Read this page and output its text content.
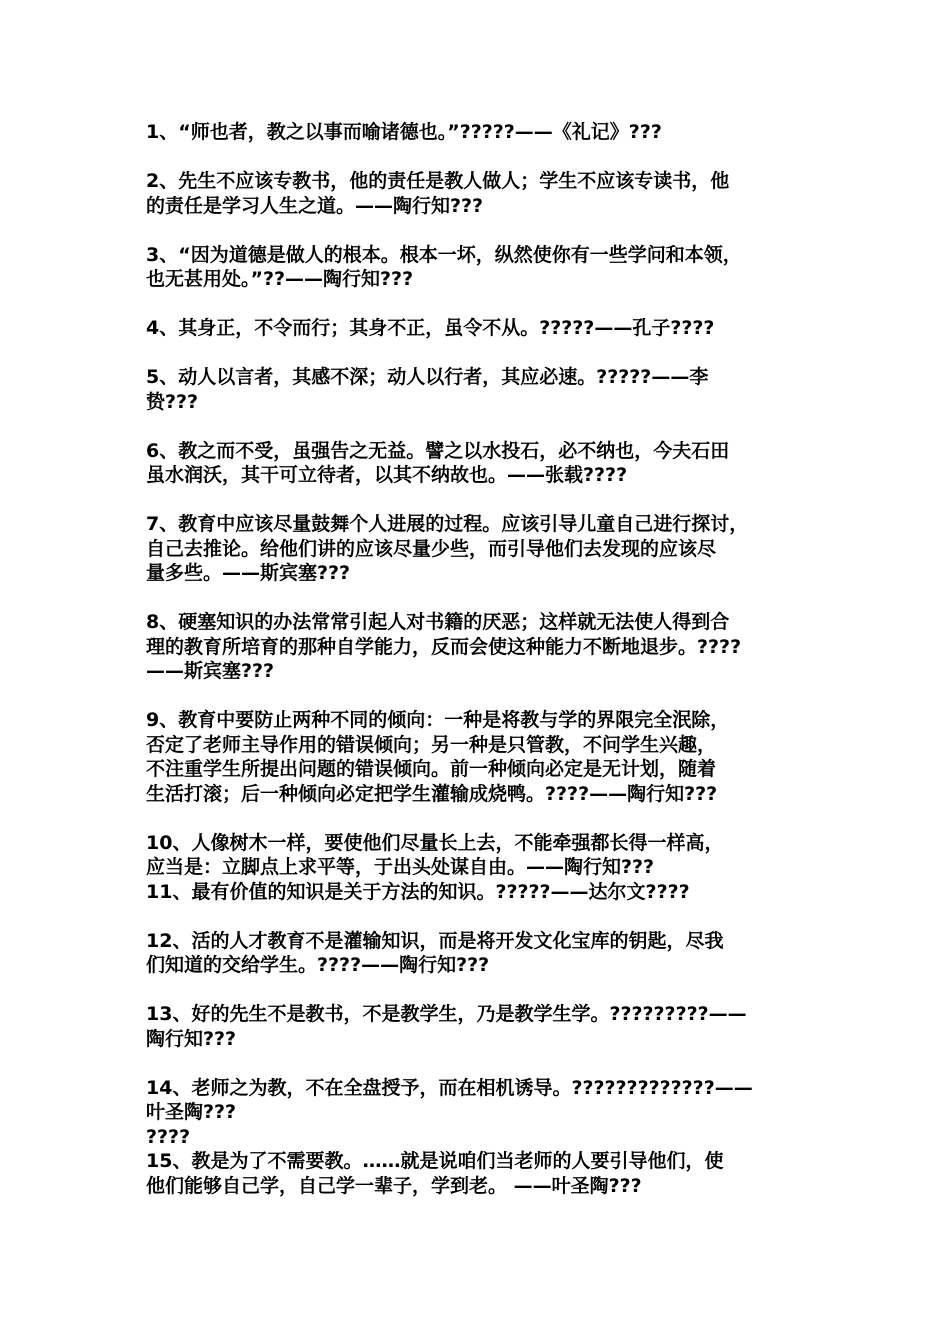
1、“师也者，教之以事而喻诸德也。”?????——《礼记》???
2、先生不应该专教书，他的责任是教人做人；学生不应该专读书，他
的责任是学习人生之道。——陶行知???
3、“因为道德是做人的根本。根本一坏，纵然使你有一些学问和本领，
也无甚用处。”??——陶行知???
4、其身正，不令而行；其身不正，虽令不从。?????——孔子????
5、动人以言者，其感不深；动人以行者，其应必速。?????——李
贽???
6、教之而不受，虽强告之无益。譬之以水投石，必不纳也，今夫石田
虽水润沃，其干可立待者，以其不纳故也。——张载????
7、教育中应该尽量鼓舞个人进展的过程。应该引导儿童自己进行探讨，
自己去推论。给他们讲的应该尽量少些，而引导他们去发现的应该尽
量多些。——斯宾塞???
8、硬塞知识的办法常常引起人对书籍的厌恶；这样就无法使人得到合
理的教育所培育的那种自学能力，反而会使这种能力不断地退步。????
——斯宾塞???
9、教育中要防止两种不同的倾向：一种是将教与学的界限完全泯除，
否定了老师主导作用的错误倾向；另一种是只管教，不问学生兴趣，
不注重学生所提出问题的错误倾向。前一种倾向必定是无计划，随着
生活打滚；后一种倾向必定把学生灌输成烧鸭。????——陶行知???
10、人像树木一样，要使他们尽量长上去，不能牵强都长得一样高，
应当是：立脚点上求平等，于出头处谋自由。——陶行知???
11、最有价值的知识是关于方法的知识。?????——达尔文????
12、活的人才教育不是灌输知识，而是将开发文化宝库的钥匙，尽我
们知道的交给学生。????——陶行知???
13、好的先生不是教书，不是教学生，乃是教学生学。?????????——
陶行知???
14、老师之为教，不在全盘授予，而在相机诱导。?????????????——
叶圣陶???
????
15、教是为了不需要教。……就是说咱们当老师的人要引导他们，使
他们能够自己学，自己学一辈子，学到老。 ——叶圣陶???
